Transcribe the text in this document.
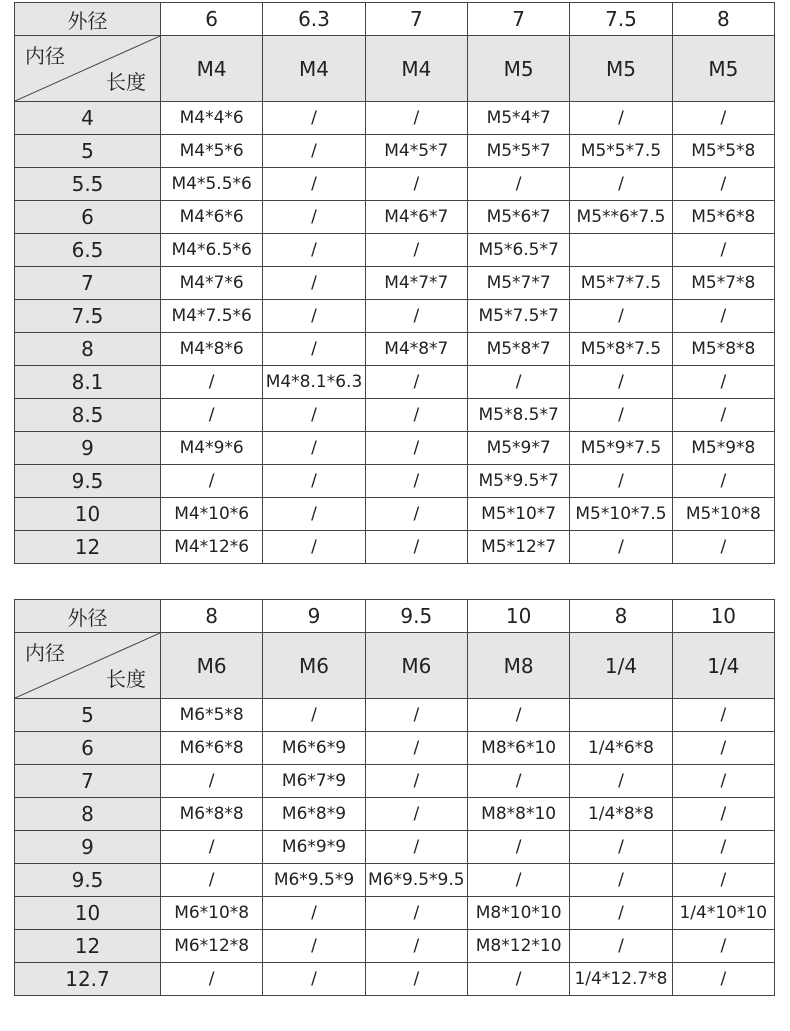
外径	6	6.3	7	7	7.5	8

内径
长度	M4	M4	M4	M5	M5	M5
4	M4*4*6	/	/	M5*4*7	/	/
5	M4*5*6	/	M4*5*7	M5*5*7	M5*5*7.5	M5*5*8
5.5	M4*5.5*6	/	/	/	/	/
6	M4*6*6	/	M4*6*7	M5*6*7	M5**6*7.5	M5*6*8
6.5	M4*6.5*6	/	/	M5*6.5*7		/
7	M4*7*6	/	M4*7*7	M5*7*7	M5*7*7.5	M5*7*8
7.5	M4*7.5*6	/	/	M5*7.5*7	/	/
8	M4*8*6	/	M4*8*7	M5*8*7	M5*8*7.5	M5*8*8
8.1	/	M4*8.1*6.3	/	/	/	/
8.5	/	/	/	M5*8.5*7	/	/
9	M4*9*6	/	/	M5*9*7	M5*9*7.5	M5*9*8
9.5	/	/	/	M5*9.5*7	/	/
10	M4*10*6	/	/	M5*10*7	M5*10*7.5	M5*10*8
12	M4*12*6	/	/	M5*12*7	/	/
外径	8	9	9.5	10	8	10

内径
长度	M6	M6	M6	M8	1/4	1/4
5	M6*5*8	/	/	/		/
6	M6*6*8	M6*6*9	/	M8*6*10	1/4*6*8	/
7	/	M6*7*9	/	/	/	/
8	M6*8*8	M6*8*9	/	M8*8*10	1/4*8*8	/
9	/	M6*9*9	/	/	/	/
9.5	/	M6*9.5*9	M6*9.5*9.5	/	/	/
10	M6*10*8	/	/	M8*10*10	/	1/4*10*10
12	M6*12*8	/	/	M8*12*10	/	/
12.7	/	/	/	/	1/4*12.7*8	/
